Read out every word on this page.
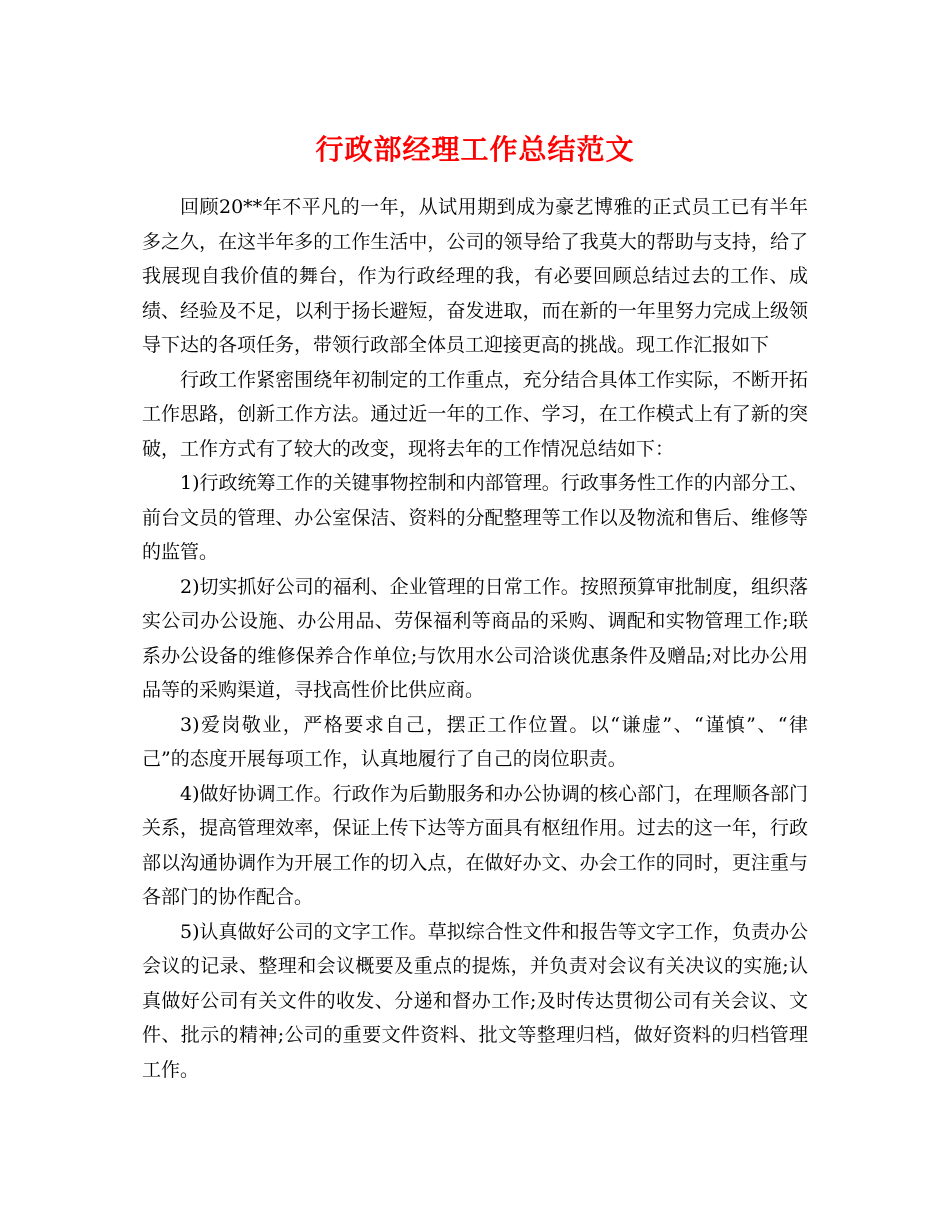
行政部经理工作总结范文

回顾20**年不平凡的一年，从试用期到成为豪艺博雅的正式员工已有半年多之久，在这半年多的工作生活中，公司的领导给了我莫大的帮助与支持，给了我展现自我价值的舞台，作为行政经理的我，有必要回顾总结过去的工作、成绩、经验及不足，以利于扬长避短，奋发进取，而在新的一年里努力完成上级领导下达的各项任务，带领行政部全体员工迎接更高的挑战。现工作汇报如下

行政工作紧密围绕年初制定的工作重点，充分结合具体工作实际，不断开拓工作思路，创新工作方法。通过近一年的工作、学习，在工作模式上有了新的突破，工作方式有了较大的改变，现将去年的工作情况总结如下：

1)行政统筹工作的关键事物控制和内部管理。行政事务性工作的内部分工、前台文员的管理、办公室保洁、资料的分配整理等工作以及物流和售后、维修等的监管。

2)切实抓好公司的福利、企业管理的日常工作。按照预算审批制度，组织落实公司办公设施、办公用品、劳保福利等商品的采购、调配和实物管理工作;联系办公设备的维修保养合作单位;与饮用水公司洽谈优惠条件及赠品;对比办公用品等的采购渠道，寻找高性价比供应商。

3)爱岗敬业，严格要求自己，摆正工作位置。以“谦虚”、“谨慎”、“律己”的态度开展每项工作，认真地履行了自己的岗位职责。

4)做好协调工作。行政作为后勤服务和办公协调的核心部门，在理顺各部门关系，提高管理效率，保证上传下达等方面具有枢纽作用。过去的这一年，行政部以沟通协调作为开展工作的切入点，在做好办文、办会工作的同时，更注重与各部门的协作配合。

5)认真做好公司的文字工作。草拟综合性文件和报告等文字工作，负责办公会议的记录、整理和会议概要及重点的提炼，并负责对会议有关决议的实施;认真做好公司有关文件的收发、分递和督办工作;及时传达贯彻公司有关会议、文件、批示的精神;公司的重要文件资料、批文等整理归档，做好资料的归档管理工作。
